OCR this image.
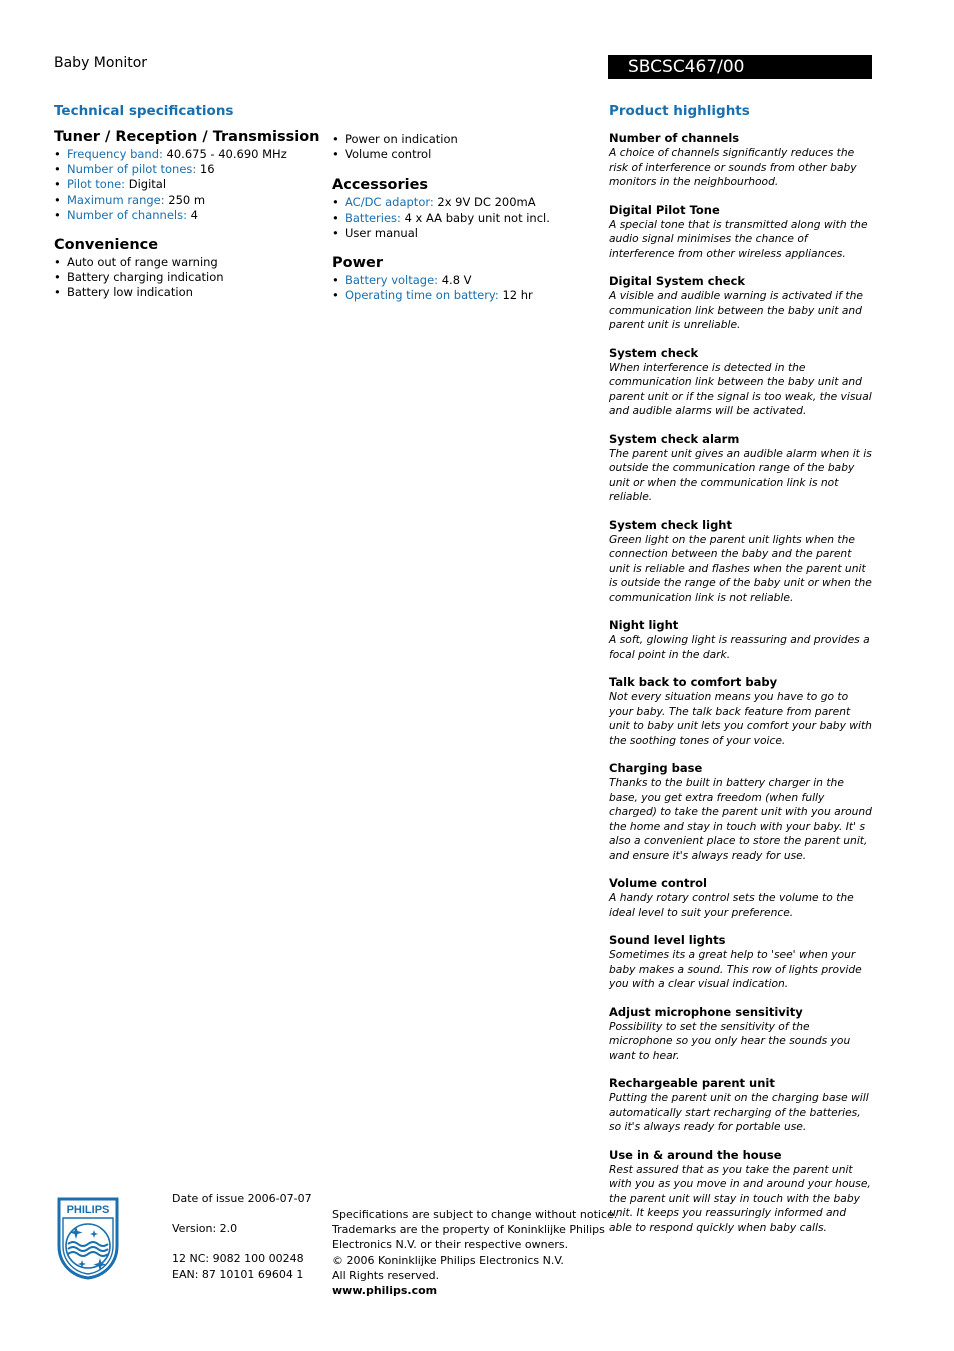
Baby Monitor	SBCSC467/00
Technical specifications
Tuner / Reception / Transmission
• Frequency band: 40.675 - 40.690 MHz
• Number of pilot tones: 16
• Pilot tone: Digital
• Maximum range: 250 m
• Number of channels: 4
Convenience
• Auto out of range warning
• Battery charging indication
• Battery low indication
• Power on indication
• Volume control
Accessories
• AC/DC adaptor: 2x 9V DC 200mA
• Batteries: 4 x AA baby unit not incl.
• User manual
Power
• Battery voltage: 4.8 V
• Operating time on battery: 12 hr
Product highlights
Number of channels
A choice of channels significantly reduces the risk of interference or sounds from other baby monitors in the neighbourhood.
Digital Pilot Tone
A special tone that is transmitted along with the audio signal minimises the chance of interference from other wireless appliances.
Digital System check
A visible and audible warning is activated if the communication link between the baby unit and parent unit is unreliable.
System check
When interference is detected in the communication link between the baby unit and parent unit or if the signal is too weak, the visual and audible alarms will be activated.
System check alarm
The parent unit gives an audible alarm when it is outside the communication range of the baby unit or when the communication link is not reliable.
System check light
Green light on the parent unit lights when the connection between the baby and the parent unit is reliable and flashes when the parent unit is outside the range of the baby unit or when the communication link is not reliable.
Night light
A soft, glowing light is reassuring and provides a focal point in the dark.
Talk back to comfort baby
Not every situation means you have to go to your baby. The talk back feature from parent unit to baby unit lets you comfort your baby with the soothing tones of your voice.
Charging base
Thanks to the built in battery charger in the base, you get extra freedom (when fully charged) to take the parent unit with you around the home and stay in touch with your baby. It' s also a convenient place to store the parent unit, and ensure it's always ready for use.
Volume control
A handy rotary control sets the volume to the ideal level to suit your preference.
Sound level lights
Sometimes its a great help to 'see' when your baby makes a sound. This row of lights provide you with a clear visual indication.
Adjust microphone sensitivity
Possibility to set the sensitivity of the microphone so you only hear the sounds you want to hear.
Rechargeable parent unit
Putting the parent unit on the charging base will automatically start recharging of the batteries, so it's always ready for portable use.
Use in & around the house
Rest assured that as you take the parent unit with you as you move in and around your house, the parent unit will stay in touch with the baby unit. It keeps you reassuringly informed and able to respond quickly when baby calls.
PHILIPS
Date of issue 2006-07-07
Version: 2.0
12 NC: 9082 100 00248
EAN: 87 10101 69604 1
Specifications are subject to change without notice.
Trademarks are the property of Koninklijke Philips
Electronics N.V. or their respective owners.
© 2006 Koninklijke Philips Electronics N.V.
All Rights reserved.
www.philips.com
